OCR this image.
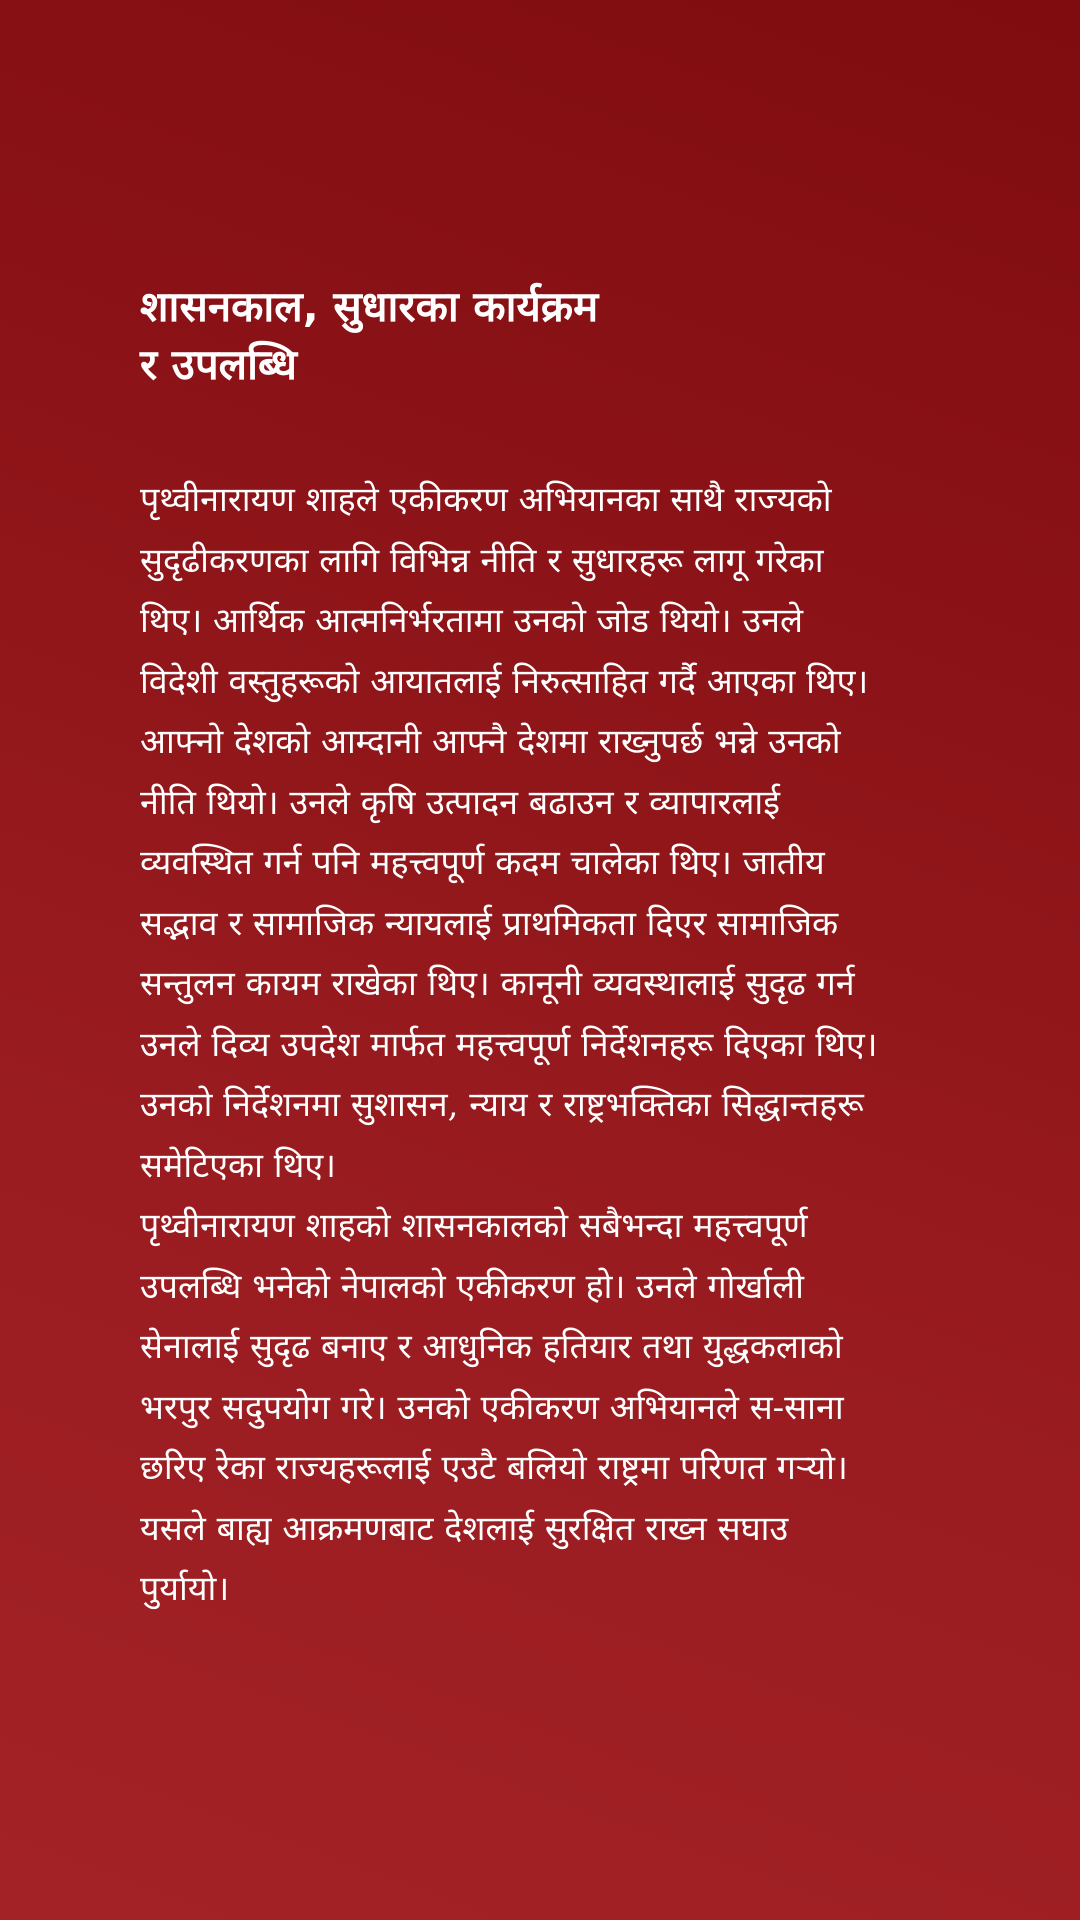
शासनकाल, सुधारका कार्यक्रम
र उपलब्धि

पृथ्वीनारायण शाहले एकीकरण अभियानका साथै राज्यको
सुदृढीकरणका लागि विभिन्न नीति र सुधारहरू लागू गरेका
थिए। आर्थिक आत्मनिर्भरतामा उनको जोड थियो। उनले
विदेशी वस्तुहरूको आयातलाई निरुत्साहित गर्दै आएका थिए।
आफ्नो देशको आम्दानी आफ्नै देशमा राख्नुपर्छ भन्ने उनको
नीति थियो। उनले कृषि उत्पादन बढाउन र व्यापारलाई
व्यवस्थित गर्न पनि महत्त्वपूर्ण कदम चालेका थिए। जातीय
सद्भाव र सामाजिक न्यायलाई प्राथमिकता दिएर सामाजिक
सन्तुलन कायम राखेका थिए। कानूनी व्यवस्थालाई सुदृढ गर्न
उनले दिव्य उपदेश मार्फत महत्त्वपूर्ण निर्देशनहरू दिएका थिए।
उनको निर्देशनमा सुशासन, न्याय र राष्ट्रभक्तिका सिद्धान्तहरू
समेटिएका थिए।

पृथ्वीनारायण शाहको शासनकालको सबैभन्दा महत्त्वपूर्ण
उपलब्धि भनेको नेपालको एकीकरण हो। उनले गोर्खाली
सेनालाई सुदृढ बनाए र आधुनिक हतियार तथा युद्धकलाको
भरपुर सदुपयोग गरे। उनको एकीकरण अभियानले स-साना
छरिए रेका राज्यहरूलाई एउटै बलियो राष्ट्रमा परिणत गऱ्यो।
यसले बाह्य आक्रमणबाट देशलाई सुरक्षित राख्न सघाउ
पुर्यायो।
